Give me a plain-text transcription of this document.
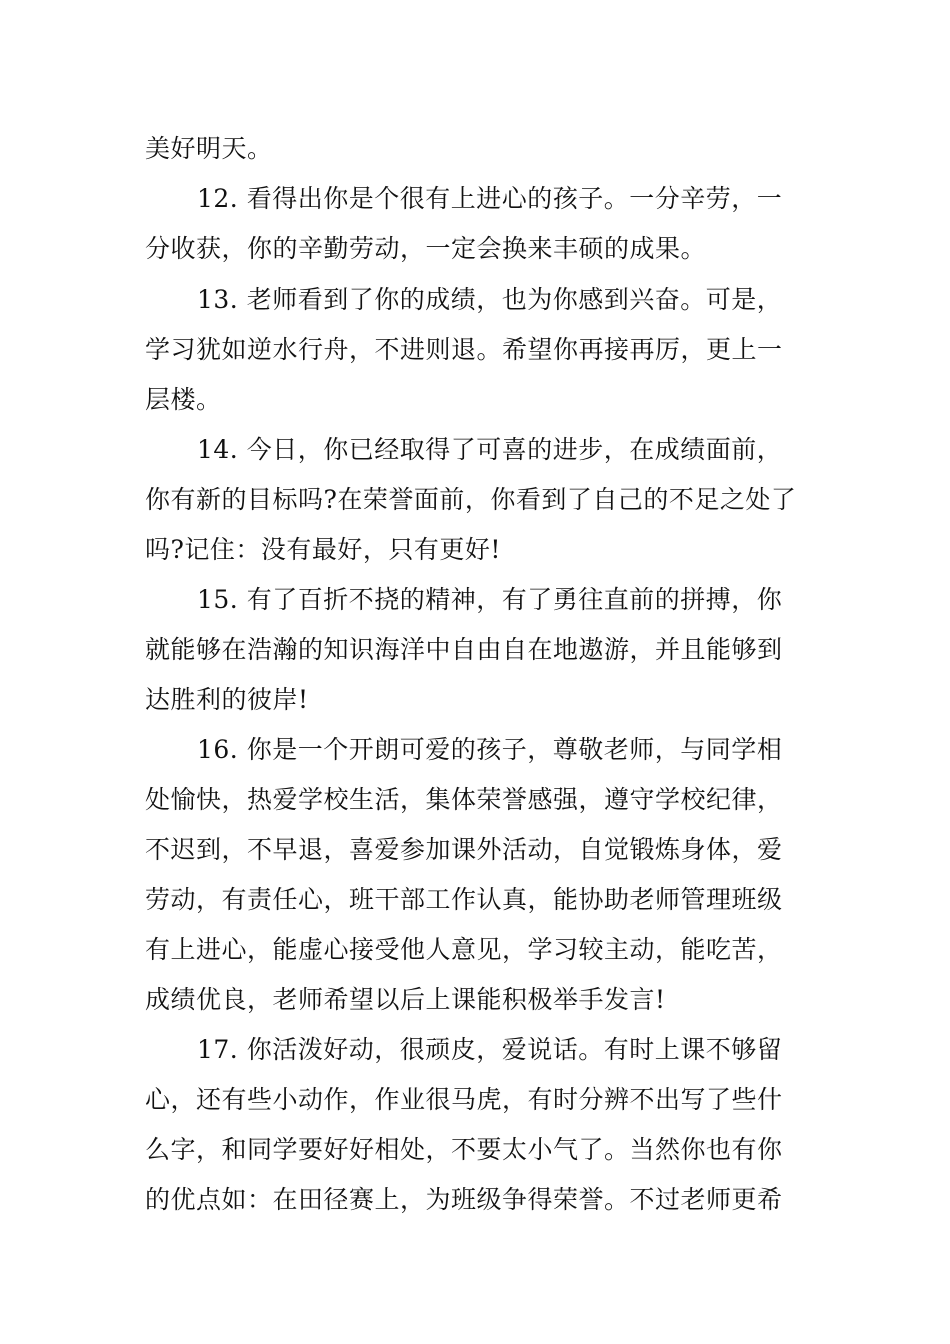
美好明天。
12. 看得出你是个很有上进心的孩子。一分辛劳，一
分收获，你的辛勤劳动，一定会换来丰硕的成果。
13. 老师看到了你的成绩，也为你感到兴奋。可是，
学习犹如逆水行舟，不进则退。希望你再接再厉，更上一
层楼。
14. 今日，你已经取得了可喜的进步，在成绩面前，
你有新的目标吗?在荣誉面前，你看到了自己的不足之处了
吗?记住：没有最好，只有更好!
15. 有了百折不挠的精神，有了勇往直前的拼搏，你
就能够在浩瀚的知识海洋中自由自在地遨游，并且能够到
达胜利的彼岸!
16. 你是一个开朗可爱的孩子，尊敬老师，与同学相
处愉快，热爱学校生活，集体荣誉感强，遵守学校纪律，
不迟到，不早退，喜爱参加课外活动，自觉锻炼身体，爱
劳动，有责任心，班干部工作认真，能协助老师管理班级
有上进心，能虚心接受他人意见，学习较主动，能吃苦，
成绩优良，老师希望以后上课能积极举手发言!
17. 你活泼好动，很顽皮，爱说话。有时上课不够留
心，还有些小动作，作业很马虎，有时分辨不出写了些什
么字，和同学要好好相处，不要太小气了。当然你也有你
的优点如：在田径赛上，为班级争得荣誉。不过老师更希
